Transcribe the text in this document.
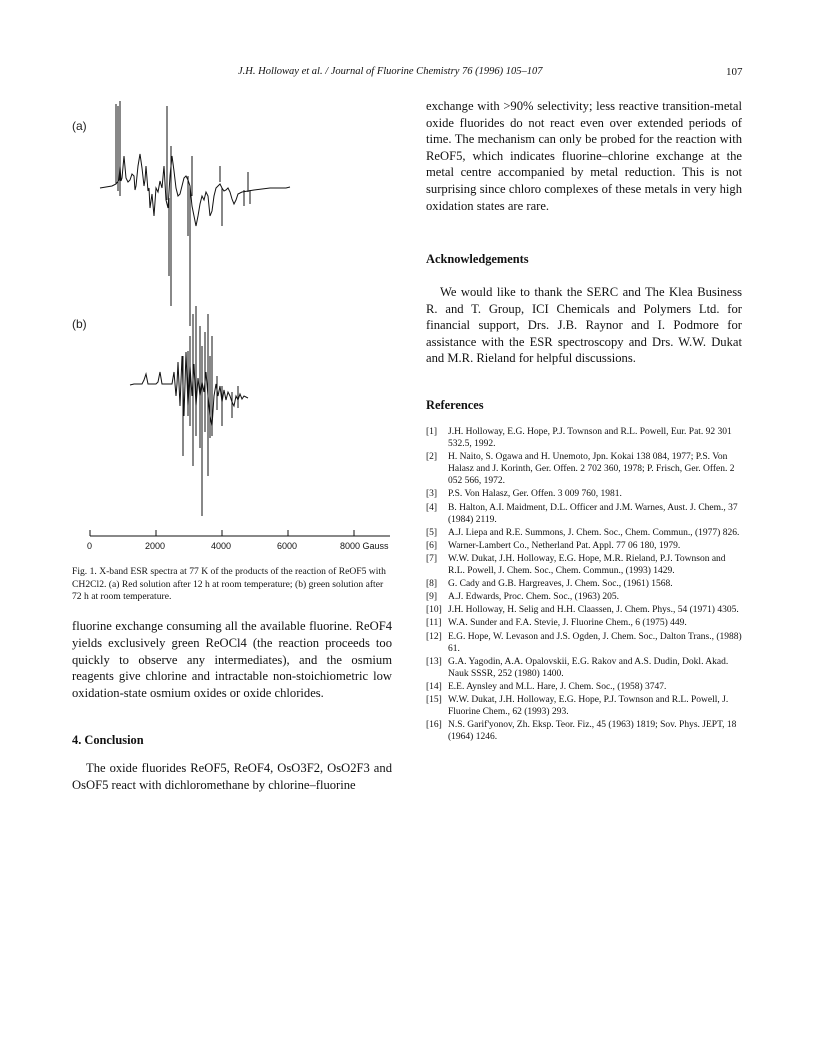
J.H. Holloway et al. / Journal of Fluorine Chemistry 76 (1996) 105–107	107
(a)
(b)
0	2000	4000	6000	8000 Gauss
Fig. 1. X-band ESR spectra at 77 K of the products of the reaction of ReOF5 with CH2Cl2. (a) Red solution after 12 h at room temperature; (b) green solution after 72 h at room temperature.

fluorine exchange consuming all the available fluorine. ReOF4 yields exclusively green ReOCl4 (the reaction proceeds too quickly to observe any intermediates), and the osmium reagents give chlorine and intractable non-stoichiometric low oxidation-state osmium oxides or oxide chlorides.

4. Conclusion
The oxide fluorides ReOF5, ReOF4, OsO3F2, OsO2F3 and OsOF5 react with dichloromethane by chlorine–fluorine

exchange with >90% selectivity; less reactive transition-metal oxide fluorides do not react even over extended periods of time. The mechanism can only be probed for the reaction with ReOF5, which indicates fluorine–chlorine exchange at the metal centre accompanied by metal reduction. This is not surprising since chloro complexes of these metals in very high oxidation states are rare.

Acknowledgements
We would like to thank the SERC and The Klea Business R. and T. Group, ICI Chemicals and Polymers Ltd. for financial support, Drs. J.B. Raynor and I. Podmore for assistance with the ESR spectroscopy and Drs. W.W. Dukat and M.R. Rieland for helpful discussions.
References
[1] J.H. Holloway, E.G. Hope, P.J. Townson and R.L. Powell, Eur. Pat. 92 301 532.5, 1992.
[2] H. Naito, S. Ogawa and H. Unemoto, Jpn. Kokai 138 084, 1977; P.S. Von Halasz and J. Korinth, Ger. Offen. 2 702 360, 1978; P. Frisch, Ger. Offen. 2 052 566, 1972.
[3] P.S. Von Halasz, Ger. Offen. 3 009 760, 1981.
[4] B. Halton, A.I. Maidment, D.L. Officer and J.M. Warnes, Aust. J. Chem., 37 (1984) 2119.
[5] A.J. Liepa and R.E. Summons, J. Chem. Soc., Chem. Commun., (1977) 826.
[6] Warner-Lambert Co., Netherland Pat. Appl. 77 06 180, 1979.
[7] W.W. Dukat, J.H. Holloway, E.G. Hope, M.R. Rieland, P.J. Townson and R.L. Powell, J. Chem. Soc., Chem. Commun., (1993) 1429.
[8] G. Cady and G.B. Hargreaves, J. Chem. Soc., (1961) 1568.
[9] A.J. Edwards, Proc. Chem. Soc., (1963) 205.
[10] J.H. Holloway, H. Selig and H.H. Claassen, J. Chem. Phys., 54 (1971) 4305.
[11] W.A. Sunder and F.A. Stevie, J. Fluorine Chem., 6 (1975) 449.
[12] E.G. Hope, W. Levason and J.S. Ogden, J. Chem. Soc., Dalton Trans., (1988) 61.
[13] G.A. Yagodin, A.A. Opalovskii, E.G. Rakov and A.S. Dudin, Dokl. Akad. Nauk SSSR, 252 (1980) 1400.
[14] E.E. Aynsley and M.L. Hare, J. Chem. Soc., (1958) 3747.
[15] W.W. Dukat, J.H. Holloway, E.G. Hope, P.J. Townson and R.L. Powell, J. Fluorine Chem., 62 (1993) 293.
[16] N.S. Garif'yonov, Zh. Eksp. Teor. Fiz., 45 (1963) 1819; Sov. Phys. JEPT, 18 (1964) 1246.
